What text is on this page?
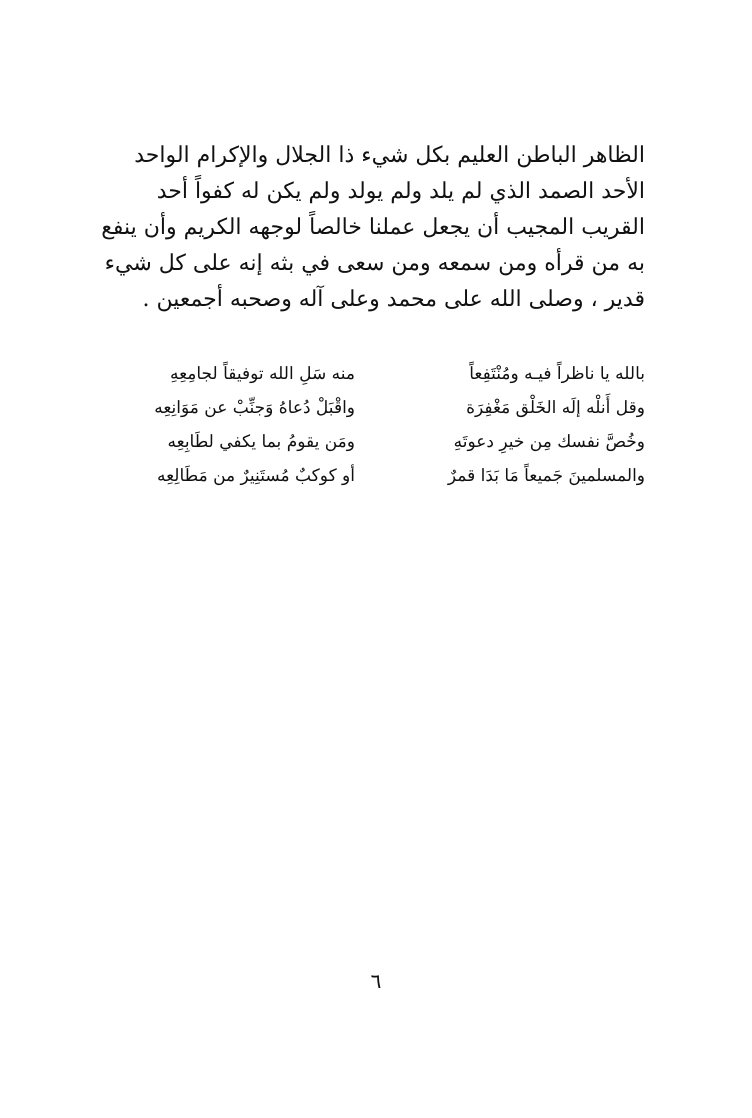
الظاهر الباطن العليم بكل شيء ذا الجلال والإكرام الواحد
الأحد الصمد الذي لم يلد ولم يولد ولم يكن له كفواً أحد
القريب المجيب أن يجعل عملنا خالصاً لوجهه الكريم وأن ينفع
به من قرأه ومن سمعه ومن سعى في بثه إنه على كل شيء
قدير ، وصلى الله على محمد وعلى آله وصحبه أجمعين .
بالله يا ناظراً فيـه ومُنْتَفِعاً
منه سَلِ الله توفيقاً لجامِعِهِ
وقل أَنلْه إلَه الخَلْق مَغْفِرَة
واقْبَلْ دُعاهُ وَجنِّبْ عن مَوَانِعِه
وخُصَّ نفسك مِن خيرِ دعوتَهِ
ومَن يقومُ بما يكفي لطَابِعِه
والمسلمينَ جَميعاً مَا بَدَا قمرٌ
أو كوكبٌ مُستَنِيرٌ من مَطَالِعِه
٦
